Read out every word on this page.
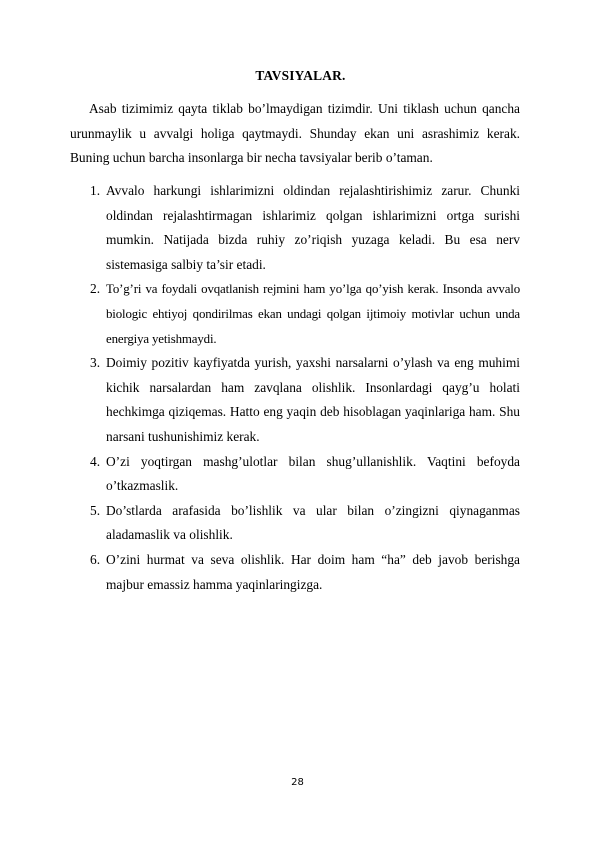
TAVSIYALAR.

Asab tizimimiz qayta tiklab bo’lmaydigan tizimdir. Uni tiklash uchun qancha urunmaylik u avvalgi holiga qaytmaydi. Shunday ekan uni asrashimiz kerak. Buning uchun barcha insonlarga bir necha tavsiyalar berib o’taman.

1. Avvalo harkungi ishlarimizni oldindan rejalashtirishimiz zarur. Chunki oldindan rejalashtirmagan ishlarimiz qolgan ishlarimizni ortga surishi mumkin. Natijada bizda ruhiy zo’riqish yuzaga keladi. Bu esa nerv sistemasiga salbiy ta’sir etadi.
2. To’g’ri va foydali ovqatlanish rejmini ham yo’lga qo’yish kerak. Insonda avvalo biologic ehtiyoj qondirilmas ekan undagi qolgan ijtimoiy motivlar uchun unda energiya yetishmaydi.
3. Doimiy pozitiv kayfiyatda yurish, yaxshi narsalarni o’ylash va eng muhimi kichik narsalardan ham zavqlana olishlik. Insonlardagi qayg’u holati hechkimga qiziqemas. Hatto eng yaqin deb hisoblagan yaqinlariga ham. Shu narsani tushunishimiz kerak.
4. O’zi yoqtirgan mashg’ulotlar bilan shug’ullanishlik. Vaqtini befoyda o’tkazmaslik.
5. Do’stlarda arafasida bo’lishlik va ular bilan o’zingizni qiynaganmas aladamaslik va olishlik.
6. O’zini hurmat va seva olishlik. Har doim ham “ha” deb javob berishga majbur emassiz hamma yaqinlaringizga.

28
